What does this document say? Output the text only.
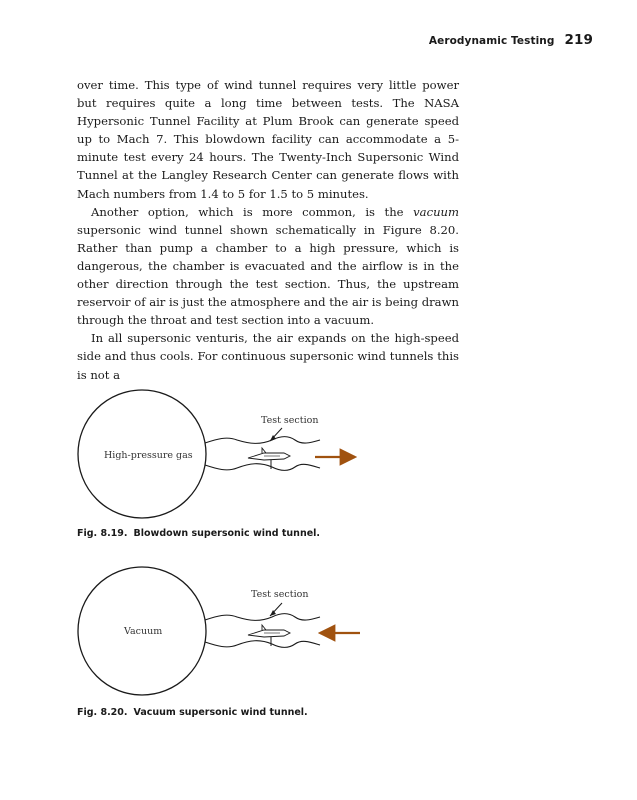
Aerodynamic Testing 219

over time. This type of wind tunnel requires very little power but requires quite a long time between tests. The NASA Hypersonic Tunnel Facility at Plum Brook can generate speed up to Mach 7. This blowdown facility can accommodate a 5-minute test every 24 hours. The Twenty-Inch Supersonic Wind Tunnel at the Langley Research Center can generate flows with Mach numbers from 1.4 to 5 for 1.5 to 5 minutes.

Another option, which is more common, is the vacuum supersonic wind tunnel shown schematically in Figure 8.20. Rather than pump a chamber to a high pressure, which is dangerous, the chamber is evacuated and the airflow is in the other direction through the test section. Thus, the upstream reservoir of air is just the atmosphere and the air is being drawn through the throat and test section into a vacuum.

In all supersonic venturis, the air expands on the high-speed side and thus cools. For continuous supersonic wind tunnels this is not a

High-pressure gas
Test section
Fig. 8.19. Blowdown supersonic wind tunnel.
Vacuum
Test section
Fig. 8.20. Vacuum supersonic wind tunnel.
